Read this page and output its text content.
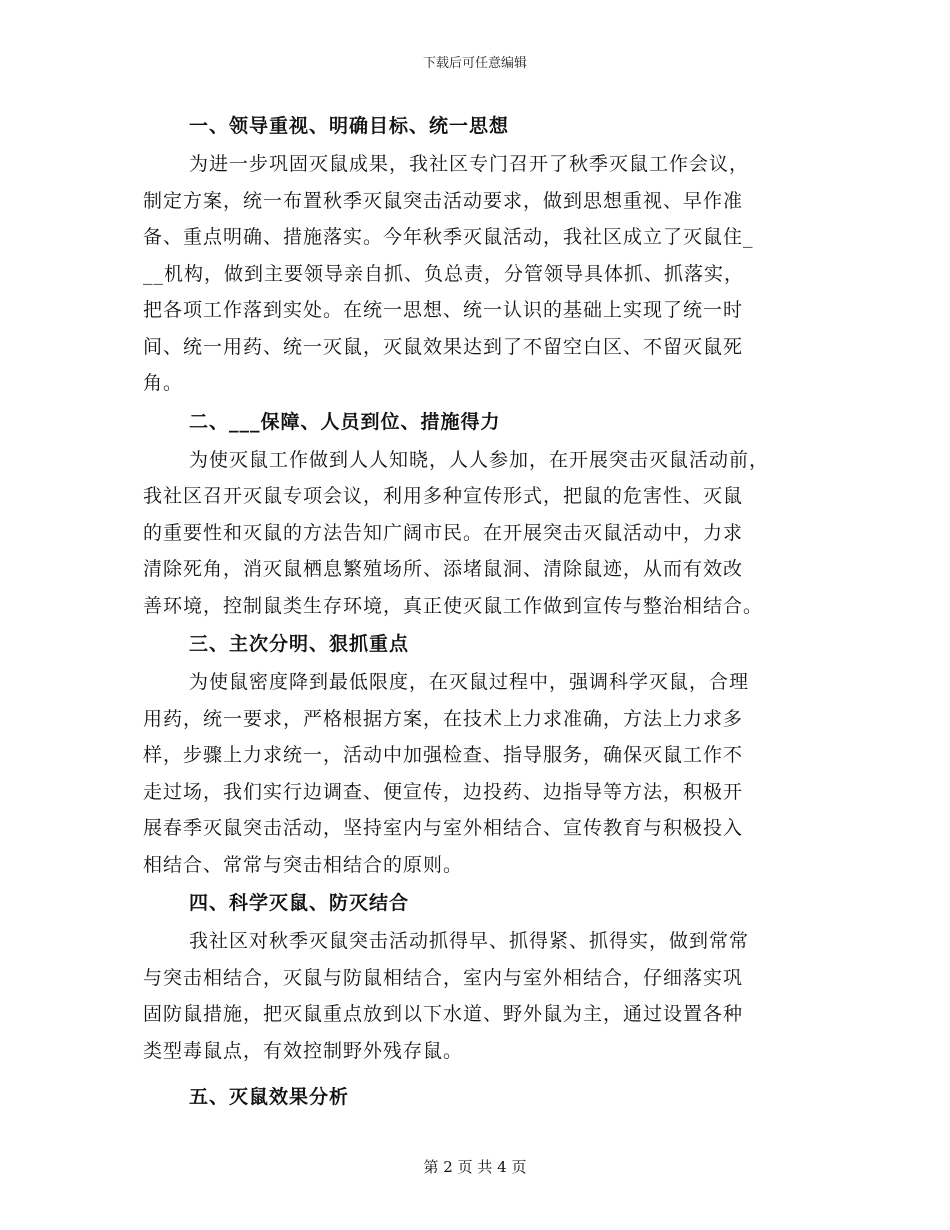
下载后可任意编辑
一、领导重视、明确目标、统一思想
为进一步巩固灭鼠成果，我社区专门召开了秋季灭鼠工作会议，
制定方案，统一布置秋季灭鼠突击活动要求，做到思想重视、早作准
备、重点明确、措施落实。今年秋季灭鼠活动，我社区成立了灭鼠住_
__机构，做到主要领导亲自抓、负总责，分管领导具体抓、抓落实，
把各项工作落到实处。在统一思想、统一认识的基础上实现了统一时
间、统一用药、统一灭鼠，灭鼠效果达到了不留空白区、不留灭鼠死
角。
二、___保障、人员到位、措施得力
为使灭鼠工作做到人人知晓，人人参加，在开展突击灭鼠活动前，
我社区召开灭鼠专项会议，利用多种宣传形式，把鼠的危害性、灭鼠
的重要性和灭鼠的方法告知广阔市民。在开展突击灭鼠活动中，力求
清除死角，消灭鼠栖息繁殖场所、添堵鼠洞、清除鼠迹，从而有效改
善环境，控制鼠类生存环境，真正使灭鼠工作做到宣传与整治相结合。
三、主次分明、狠抓重点
为使鼠密度降到最低限度，在灭鼠过程中，强调科学灭鼠，合理
用药，统一要求，严格根据方案，在技术上力求准确，方法上力求多
样，步骤上力求统一，活动中加强检查、指导服务，确保灭鼠工作不
走过场，我们实行边调查、便宣传，边投药、边指导等方法，积极开
展春季灭鼠突击活动，坚持室内与室外相结合、宣传教育与积极投入
相结合、常常与突击相结合的原则。
四、科学灭鼠、防灭结合
我社区对秋季灭鼠突击活动抓得早、抓得紧、抓得实，做到常常
与突击相结合，灭鼠与防鼠相结合，室内与室外相结合，仔细落实巩
固防鼠措施，把灭鼠重点放到以下水道、野外鼠为主，通过设置各种
类型毒鼠点，有效控制野外残存鼠。
五、灭鼠效果分析
第 2 页 共 4 页
